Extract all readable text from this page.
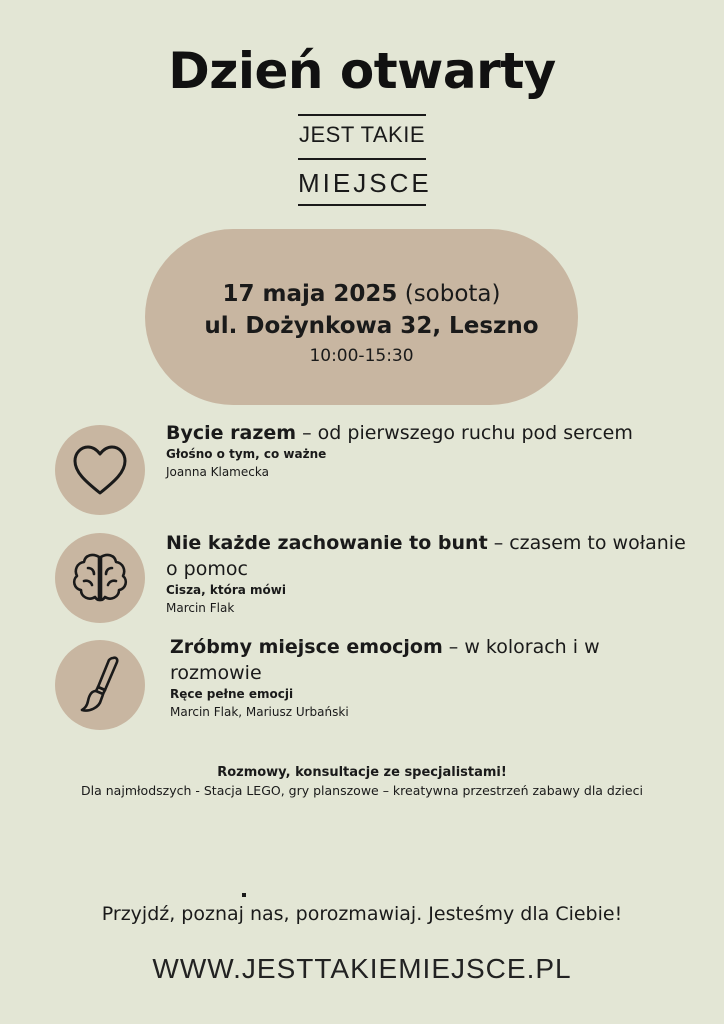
Dzień otwarty
JEST TAKIE
MIEJSCE
17 maja 2025 (sobota)
ul. Dożynkowa 32, Leszno
10:00-15:30
Bycie razem – od pierwszego ruchu pod sercem
Głośno o tym, co ważne
Joanna Klamecka
Nie każde zachowanie to bunt – czasem to wołanie o pomoc
Cisza, która mówi
Marcin Flak
Zróbmy miejsce emocjom – w kolorach i w rozmowie
Ręce pełne emocji
Marcin Flak, Mariusz Urbański
Rozmowy, konsultacje ze specjalistami!
Dla najmłodszych - Stacja LEGO, gry planszowe – kreatywna przestrzeń zabawy dla dzieci
Przyjdź, poznaj nas, porozmawiaj. Jesteśmy dla Ciebie!
WWW.JESTTAKIEMIEJSCE.PL
